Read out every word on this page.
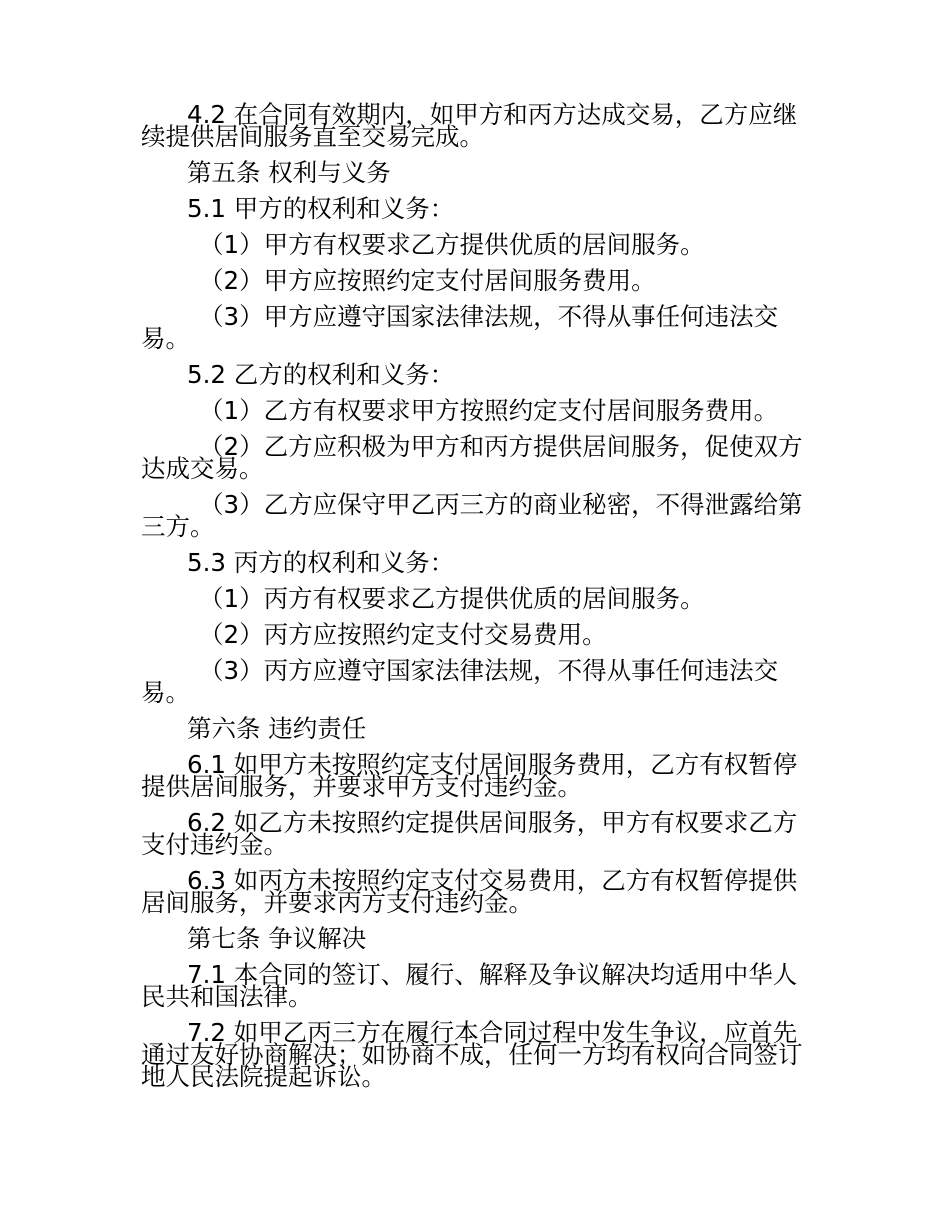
4.2 在合同有效期内，如甲方和丙方达成交易，乙方应继
续提供居间服务直至交易完成。

第五条 权利与义务

5.1 甲方的权利和义务：

（1）甲方有权要求乙方提供优质的居间服务。

（2）甲方应按照约定支付居间服务费用。

（3）甲方应遵守国家法律法规，不得从事任何违法交
易。

5.2 乙方的权利和义务：

（1）乙方有权要求甲方按照约定支付居间服务费用。

（2）乙方应积极为甲方和丙方提供居间服务，促使双方
达成交易。

（3）乙方应保守甲乙丙三方的商业秘密，不得泄露给第
三方。

5.3 丙方的权利和义务：

（1）丙方有权要求乙方提供优质的居间服务。

（2）丙方应按照约定支付交易费用。

（3）丙方应遵守国家法律法规，不得从事任何违法交
易。

第六条 违约责任

6.1 如甲方未按照约定支付居间服务费用，乙方有权暂停
提供居间服务，并要求甲方支付违约金。

6.2 如乙方未按照约定提供居间服务，甲方有权要求乙方
支付违约金。

6.3 如丙方未按照约定支付交易费用，乙方有权暂停提供
居间服务，并要求丙方支付违约金。

第七条 争议解决

7.1 本合同的签订、履行、解释及争议解决均适用中华人
民共和国法律。

7.2 如甲乙丙三方在履行本合同过程中发生争议，应首先
通过友好协商解决；如协商不成，任何一方均有权向合同签订
地人民法院提起诉讼。
